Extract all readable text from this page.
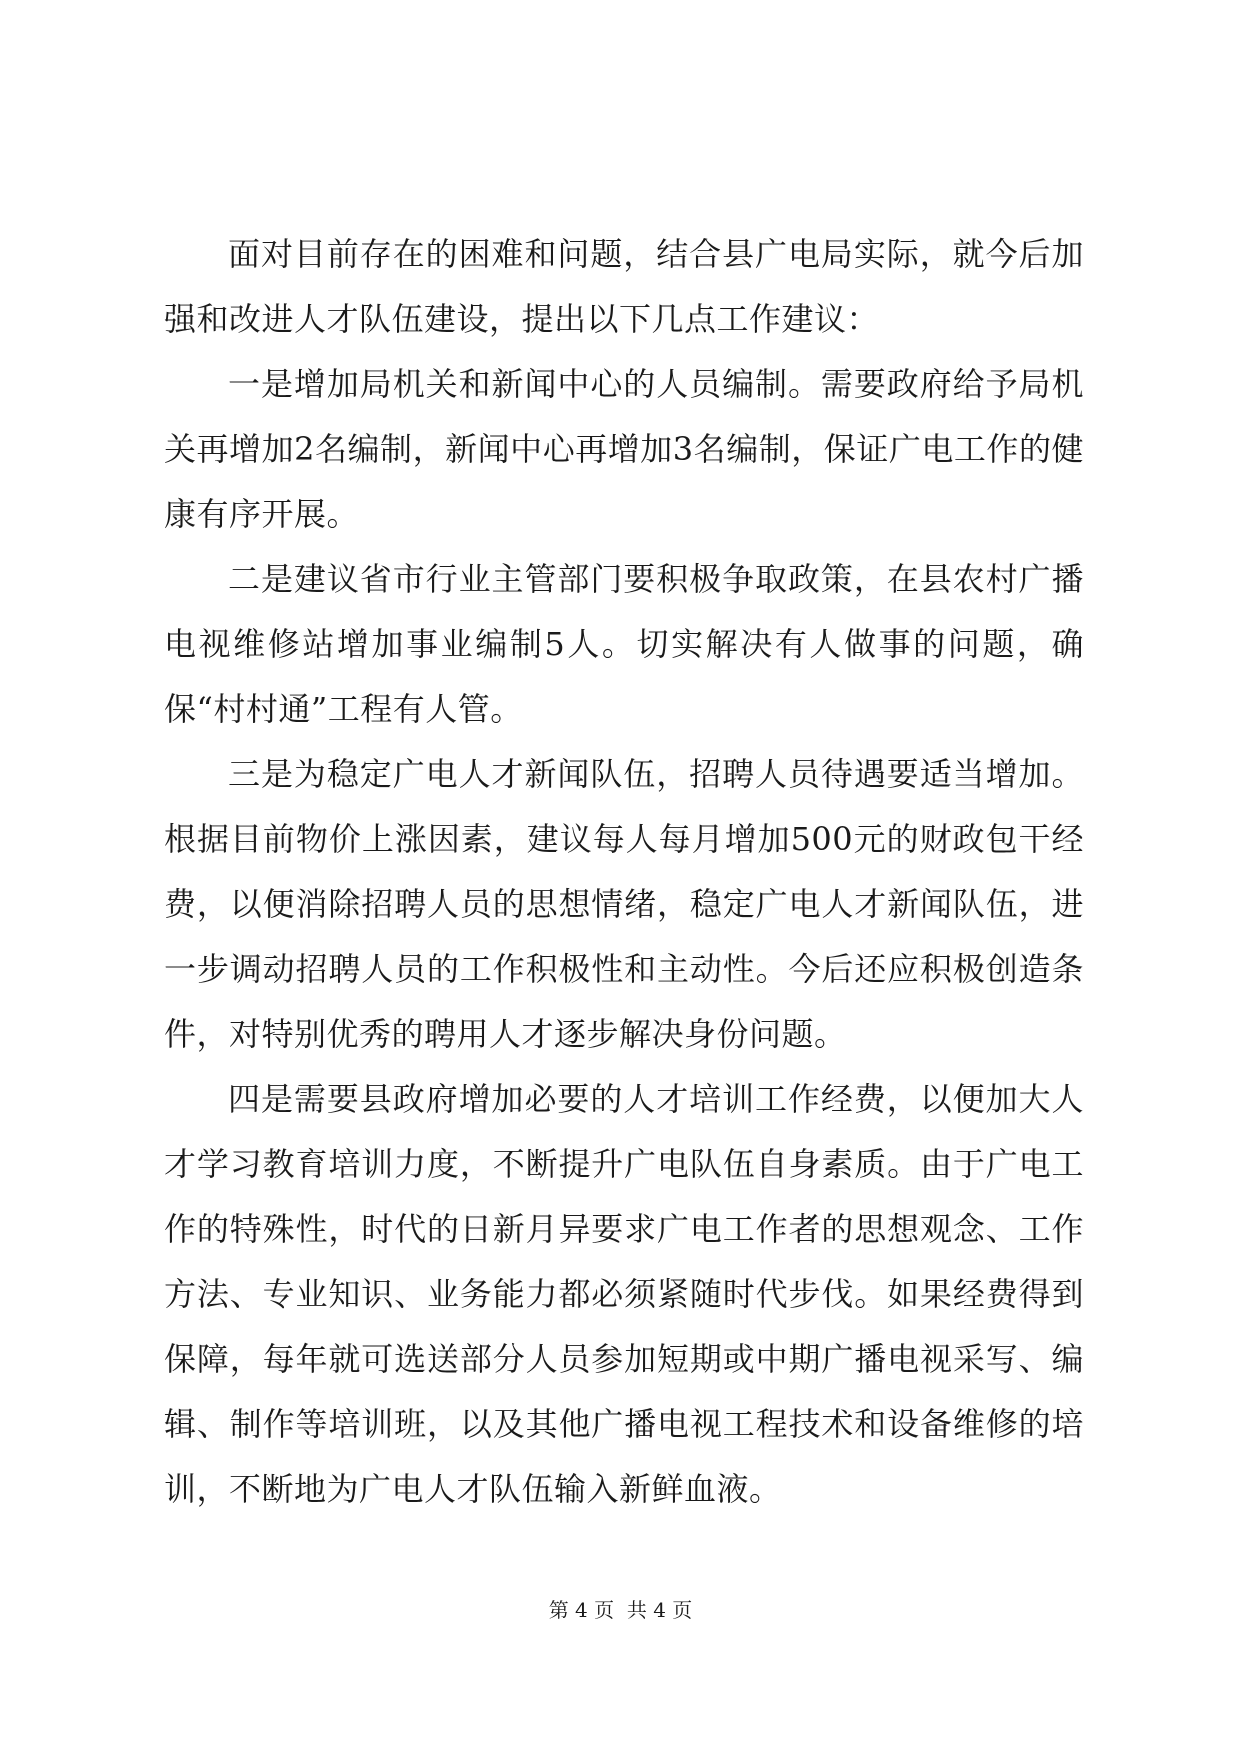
面对目前存在的困难和问题，结合县广电局实际，就今后加强和改进人才队伍建设，提出以下几点工作建议：

一是增加局机关和新闻中心的人员编制。需要政府给予局机关再增加2名编制，新闻中心再增加3名编制，保证广电工作的健康有序开展。

二是建议省市行业主管部门要积极争取政策，在县农村广播电视维修站增加事业编制5人。切实解决有人做事的问题，确保“村村通”工程有人管。

三是为稳定广电人才新闻队伍，招聘人员待遇要适当增加。根据目前物价上涨因素，建议每人每月增加500元的财政包干经费，以便消除招聘人员的思想情绪，稳定广电人才新闻队伍，进一步调动招聘人员的工作积极性和主动性。今后还应积极创造条件，对特别优秀的聘用人才逐步解决身份问题。

四是需要县政府增加必要的人才培训工作经费，以便加大人才学习教育培训力度，不断提升广电队伍自身素质。由于广电工作的特殊性，时代的日新月异要求广电工作者的思想观念、工作方法、专业知识、业务能力都必须紧随时代步伐。如果经费得到保障，每年就可选送部分人员参加短期或中期广播电视采写、编辑、制作等培训班，以及其他广播电视工程技术和设备维修的培训，不断地为广电人才队伍输入新鲜血液。

第 4 页  共 4 页
